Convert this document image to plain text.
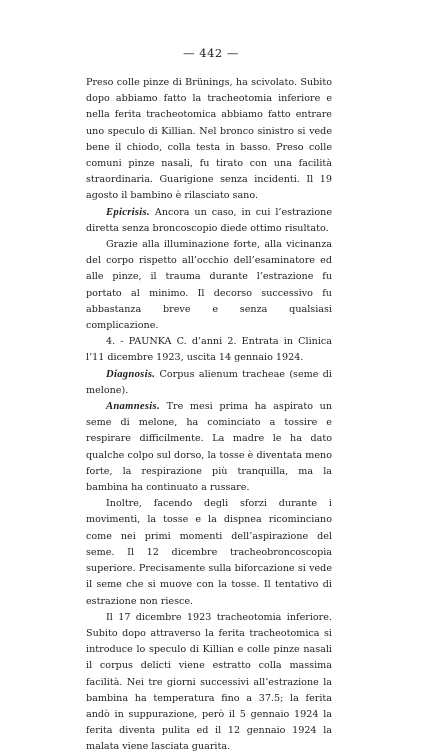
— 442 —

Preso colle pinze di Brünings, ha scivolato. Subito dopo abbiamo fatto la tracheotomia inferiore e nella ferita tracheotomica abbiamo fatto entrare uno speculo di Killian. Nel bronco sinistro si vede bene il chiodo, colla testa in basso. Preso colle comuni pinze nasali, fu tirato con una facilità straordinaria. Guarigione senza incidenti. Il 19 agosto il bambino è rilasciato sano.

Epicrisis. Ancora un caso, in cui l’estrazione diretta senza broncoscopio diede ottimo risultato.

Grazie alla illuminazione forte, alla vicinanza del corpo rispetto all’occhio dell’esaminatore ed alle pinze, il trauma durante l’estrazione fu portato al minimo. Il decorso successivo fu abbastanza breve e senza qualsiasi complicazione.

4. - PAUNKA C. d’anni 2. Entrata in Clinica l’11 dicembre 1923, uscita 14 gennaio 1924.

Diagnosis. Corpus alienum tracheae (seme di melone).

Anamnesis. Tre mesi prima ha aspirato un seme di melone, ha cominciato a tossire e respirare difficilmente. La madre le ha dato qualche colpo sul dorso, la tosse è diventata meno forte, la respirazione più tranquilla, ma la bambina ha continuato a russare.

Inoltre, facendo degli sforzi durante i movimenti, la tosse e la dispnea ricominciano come nei primi momenti dell’aspirazione del seme. Il 12 dicembre tracheobroncoscopia superiore. Precisamente sulla biforcazione si vede il seme che si muove con la tosse. Il tentativo di estrazione non riesce.

Il 17 dicembre 1923 tracheotomia inferiore. Subito dopo attraverso la ferita tracheotomica si introduce lo speculo di Killian e colle pinze nasali il corpus delicti viene estratto colla massima facilità. Nei tre giorni successivi all’estrazione la bambina ha temperatura fino a 37.5; la ferita andò in suppurazione, però il 5 gennaio 1924 la ferita diventa pulita ed il 12 gennaio 1924 la malata viene lasciata guarita.
